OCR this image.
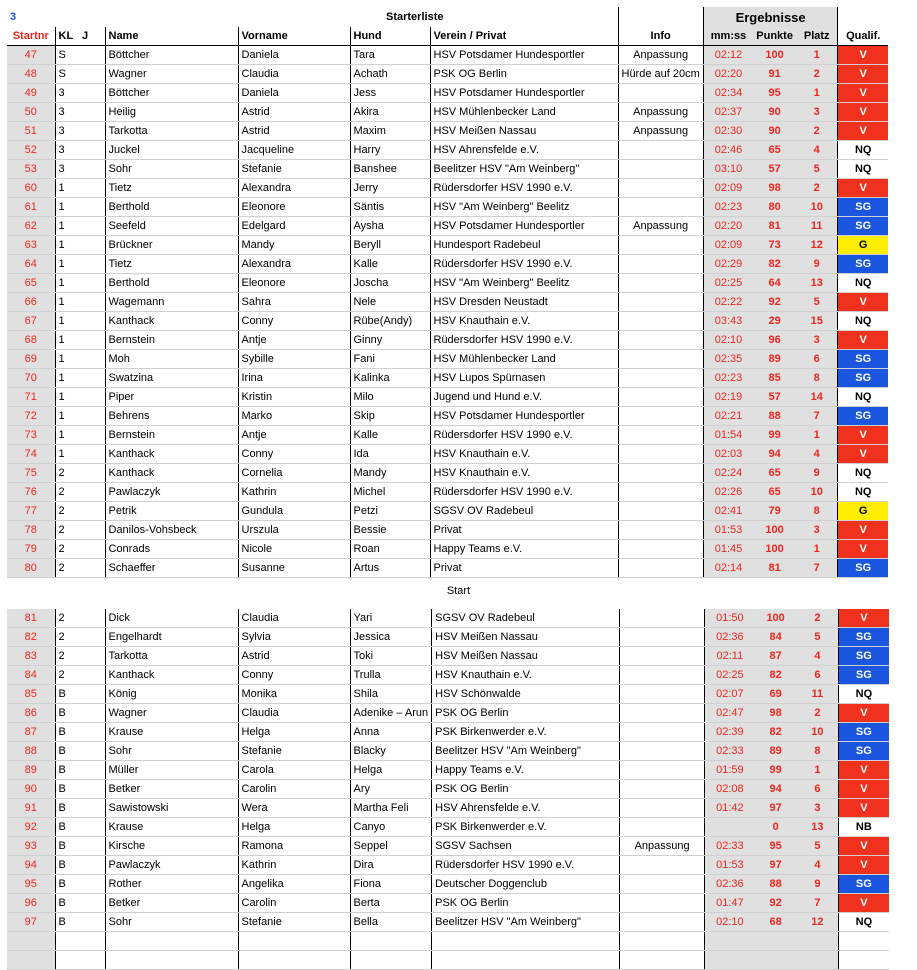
3	Starterliste							Ergebnisse			
Startnr	KL	J	Name	Vorname	Hund	Verein / Privat	Info	mm:ss	Punkte	Platz	Qualif.
47	S		Böttcher	Daniela	Tara	HSV Potsdamer Hundesportler	Anpassung	02:12	100	1	V
48	S		Wagner	Claudia	Achath	PSK OG Berlin	Hürde auf 20cm	02:20	91	2	V
49	3		Böttcher	Daniela	Jess	HSV Potsdamer Hundesportler		02:34	95	1	V
50	3		Heilig	Astrid	Akira	HSV Mühlenbecker Land	Anpassung	02:37	90	3	V
51	3		Tarkotta	Astrid	Maxim	HSV Meißen Nassau	Anpassung	02:30	90	2	V
52	3		Juckel	Jacqueline	Harry	HSV Ahrensfelde e.V.		02:46	65	4	NQ
53	3		Sohr	Stefanie	Banshee	Beelitzer HSV "Am Weinberg"		03:10	57	5	NQ
60	1		Tietz	Alexandra	Jerry	Rüdersdorfer HSV 1990 e.V.		02:09	98	2	V
61	1		Berthold	Eleonore	Säntis	HSV "Am Weinberg" Beelitz		02:23	80	10	SG
62	1		Seefeld	Edelgard	Aysha	HSV Potsdamer Hundesportler	Anpassung	02:20	81	11	SG
63	1		Brückner	Mandy	Beryll	Hundesport Radebeul		02:09	73	12	G
64	1		Tietz	Alexandra	Kalle	Rüdersdorfer HSV 1990 e.V.		02:29	82	9	SG
65	1		Berthold	Eleonore	Joscha	HSV "Am Weinberg" Beelitz		02:25	64	13	NQ
66	1		Wagemann	Sahra	Nele	HSV Dresden Neustadt		02:22	92	5	V
67	1		Kanthack	Conny	Rübe(Andy)	HSV Knauthain e.V.		03:43	29	15	NQ
68	1		Bernstein	Antje	Ginny	Rüdersdorfer HSV 1990 e.V.		02:10	96	3	V
69	1		Moh	Sybille	Fani	HSV Mühlenbecker Land		02:35	89	6	SG
70	1		Swatzina	Irina	Kalinka	HSV Lupos Spürnasen		02:23	85	8	SG
71	1		Piper	Kristin	Milo	Jugend und Hund e.V.		02:19	57	14	NQ
72	1		Behrens	Marko	Skip	HSV Potsdamer Hundesportler		02:21	88	7	SG
73	1		Bernstein	Antje	Kalle	Rüdersdorfer HSV 1990 e.V.		01:54	99	1	V
74	1		Kanthack	Conny	Ida	HSV Knauthain e.V.		02:03	94	4	V
75	2		Kanthack	Cornelia	Mandy	HSV Knauthain e.V.		02:24	65	9	NQ
76	2		Pawlaczyk	Kathrin	Michel	Rüdersdorfer HSV 1990 e.V.		02:26	65	10	NQ
77	2		Petrik	Gundula	Petzi	SGSV OV Radebeul		02:41	79	8	G
78	2		Danilos-Vohsbeck	Urszula	Bessie	Privat		01:53	100	3	V
79	2		Conrads	Nicole	Roan	Happy Teams e.V.		01:45	100	1	V
80	2		Schaeffer	Susanne	Artus	Privat		02:14	81	7	SG
Start
81	2		Dick	Claudia	Yari	SGSV OV Radebeul		01:50	100	2	V
82	2		Engelhardt	Sylvia	Jessica	HSV Meißen Nassau		02:36	84	5	SG
83	2		Tarkotta	Astrid	Toki	HSV Meißen Nassau		02:11	87	4	SG
84	2		Kanthack	Conny	Trulla	HSV Knauthain e.V.		02:25	82	6	SG
85	B		König	Monika	Shila	HSV Schönwalde		02:07	69	11	NQ
86	B		Wagner	Claudia	Adenike – Arun	PSK OG Berlin		02:47	98	2	V
87	B		Krause	Helga	Anna	PSK Birkenwerder e.V.		02:39	82	10	SG
88	B		Sohr	Stefanie	Blacky	Beelitzer HSV "Am Weinberg"		02:33	89	8	SG
89	B		Müller	Carola	Helga	Happy Teams e.V.		01:59	99	1	V
90	B		Betker	Carolin	Ary	PSK OG Berlin		02:08	94	6	V
91	B		Sawistowski	Wera	Martha Feli	HSV Ahrensfelde e.V.		01:42	97	3	V
92	B		Krause	Helga	Canyo	PSK Birkenwerder e.V.			0	13	NB
93	B		Kirsche	Ramona	Seppel	SGSV Sachsen	Anpassung	02:33	95	5	V
94	B		Pawlaczyk	Kathrin	Dira	Rüdersdorfer HSV 1990 e.V.		01:53	97	4	V
95	B		Rother	Angelika	Fiona	Deutscher Doggenclub		02:36	88	9	SG
96	B		Betker	Carolin	Berta	PSK OG Berlin		01:47	92	7	V
97	B		Sohr	Stefanie	Bella	Beelitzer HSV "Am Weinberg"		02:10	68	12	NQ
